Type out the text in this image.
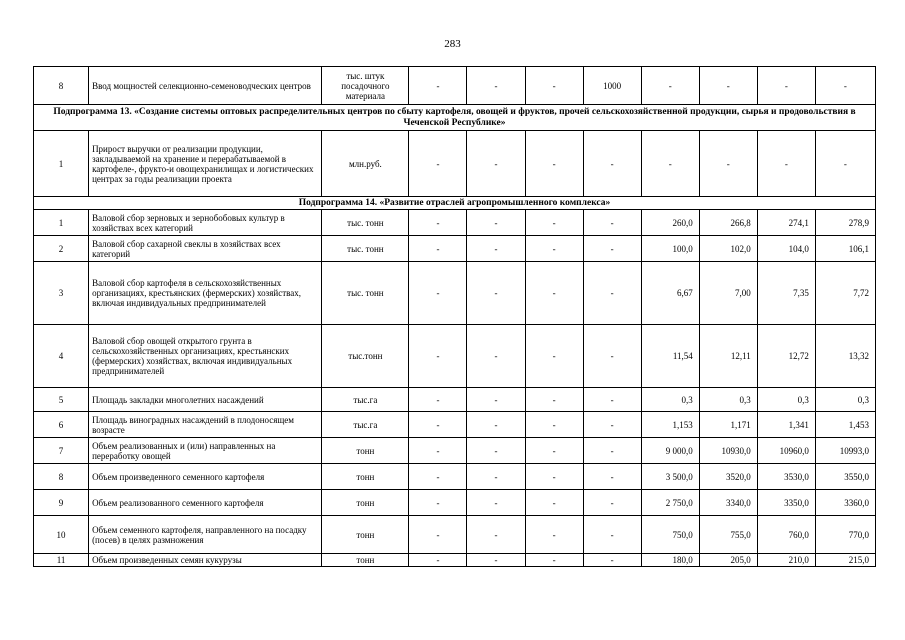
283
8	Ввод мощностей селекционно-семеноводческих центров	тыс. штук посадочного материала	-	-	-	1000	-	-	-	-
Подпрограмма 13. «Создание системы оптовых распределительных центров по сбыту картофеля, овощей и фруктов, прочей сельскохозяйственной продукции, сырья и продовольствия в Чеченской Республике»										
1	Прирост выручки от реализации продукции, закладываемой на хранение и перерабатываемой в картофеле-, фрукто-и овощехранилищах и логистических центрах за годы реализации проекта	млн.руб.	-	-	-	-	-	-	-	-
Подпрограмма 14. «Развитие отраслей агропромышленного комплекса»										
1	Валовой сбор зерновых и зернобобовых культур в хозяйствах всех категорий	тыс. тонн	-	-	-	-	260,0	266,8	274,1	278,9
2	Валовой сбор сахарной свеклы в хозяйствах всех категорий	тыс. тонн	-	-	-	-	100,0	102,0	104,0	106,1
3	Валовой сбор картофеля в сельскохозяйственных организациях, крестьянских (фермерских) хозяйствах, включая индивидуальных предпринимателей	тыс. тонн	-	-	-	-	6,67	7,00	7,35	7,72
4	Валовой сбор овощей открытого грунта в сельскохозяйственных организациях, крестьянских (фермерских) хозяйствах, включая индивидуальных предпринимателей	тыс.тонн	-	-	-	-	11,54	12,11	12,72	13,32
5	Площадь закладки многолетних насаждений	тыс.га	-	-	-	-	0,3	0,3	0,3	0,3
6	Площадь виноградных насаждений в плодоносящем возрасте	тыс.га	-	-	-	-	1,153	1,171	1,341	1,453
7	Объем реализованных и (или) направленных на переработку овощей	тонн	-	-	-	-	9 000,0	10930,0	10960,0	10993,0
8	Объем произведенного семенного картофеля	тонн	-	-	-	-	3 500,0	3520,0	3530,0	3550,0
9	Объем реализованного семенного картофеля	тонн	-	-	-	-	2 750,0	3340,0	3350,0	3360,0
10	Объем семенного картофеля, направленного на посадку (посев) в целях размножения	тонн	-	-	-	-	750,0	755,0	760,0	770,0
11	Объем произведенных семян кукурузы	тонн	-	-	-	-	180,0	205,0	210,0	215,0
